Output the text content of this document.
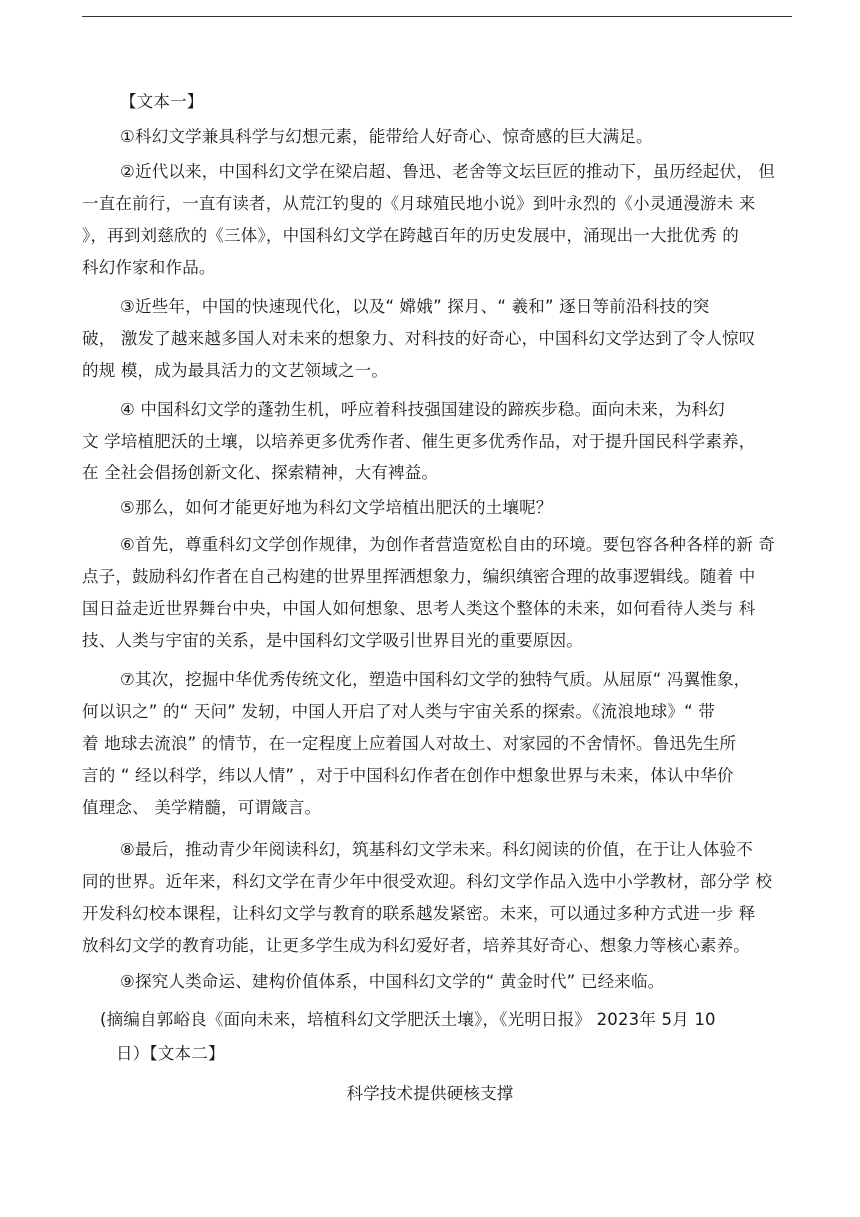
【文本一】
①科幻文学兼具科学与幻想元素，能带给人好奇心、惊奇感的巨大满足。
②近代以来，中国科幻文学在梁启超、鲁迅、老舍等文坛巨匠的推动下，虽历经起伏， 但
一直在前行，一直有读者，从荒江钓叟的《月球殖民地小说》到叶永烈的《小灵通漫游未 来
》，再到刘慈欣的《三体》，中国科幻文学在跨越百年的历史发展中，涌现出一大批优秀 的
科幻作家和作品。
③近些年，中国的快速现代化，以及“ 嫦娥” 探月、“ 羲和” 逐日等前沿科技的突
破， 激发了越来越多国人对未来的想象力、对科技的好奇心，中国科幻文学达到了令人惊叹
的规 模，成为最具活力的文艺领域之一。
④ 中国科幻文学的蓬勃生机，呼应着科技强国建设的蹄疾步稳。面向未来，为科幻
文 学培植肥沃的土壤，以培养更多优秀作者、催生更多优秀作品，对于提升国民科学素养，
在 全社会倡扬创新文化、探索精神，大有裨益。
⑤那么，如何才能更好地为科幻文学培植出肥沃的土壤呢？
⑥首先，尊重科幻文学创作规律，为创作者营造宽松自由的环境。要包容各种各样的新 奇
点子，鼓励科幻作者在自己构建的世界里挥洒想象力，编织缜密合理的故事逻辑线。随着 中
国日益走近世界舞台中央，中国人如何想象、思考人类这个整体的未来，如何看待人类与 科
技、人类与宇宙的关系，是中国科幻文学吸引世界目光的重要原因。
⑦其次，挖掘中华优秀传统文化，塑造中国科幻文学的独特气质。从屈原“ 冯翼惟象，
何以识之” 的“ 天问” 发轫，中国人开启了对人类与宇宙关系的探索。《流浪地球》“ 带
着 地球去流浪” 的情节，在一定程度上应着国人对故土、对家园的不舍情怀。鲁迅先生所
言的 “ 经以科学，纬以人情” ，对于中国科幻作者在创作中想象世界与未来，体认中华价
值理念、 美学精髓，可谓箴言。
⑧最后，推动青少年阅读科幻，筑基科幻文学未来。科幻阅读的价值，在于让人体验不
同的世界。近年来，科幻文学在青少年中很受欢迎。科幻文学作品入选中小学教材，部分学 校
开发科幻校本课程，让科幻文学与教育的联系越发紧密。未来，可以通过多种方式进一步 释
放科幻文学的教育功能，让更多学生成为科幻爱好者，培养其好奇心、想象力等核心素养。
⑨探究人类命运、建构价值体系，中国科幻文学的“ 黄金时代” 已经来临。
(摘编自郭峪良《面向未来，培植科幻文学肥沃土壤》，《光明日报》 2023年 5月 10
日）【文本二】
科学技术提供硬核支撑
